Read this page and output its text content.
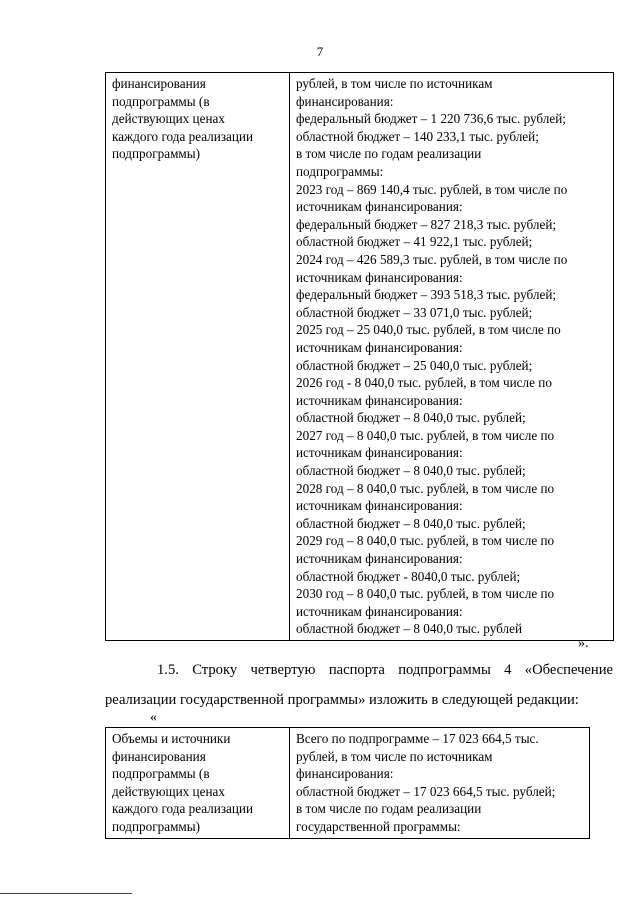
7
финансирования
подпрограммы (в
действующих ценах
каждого года реализации
подпрограммы)

рублей, в том числе по источникам
финансирования:
федеральный бюджет – 1 220 736,6 тыс. рублей;
областной бюджет – 140 233,1 тыс. рублей;
в том числе по годам реализации
подпрограммы:
2023 год – 869 140,4 тыс. рублей, в том числе по
источникам финансирования:
федеральный бюджет – 827 218,3 тыс. рублей;
областной бюджет – 41 922,1 тыс. рублей;
2024 год – 426 589,3 тыс. рублей, в том числе по
источникам финансирования:
федеральный бюджет – 393 518,3 тыс. рублей;
областной бюджет – 33 071,0 тыс. рублей;
2025 год – 25 040,0 тыс. рублей, в том числе по
источникам финансирования:
областной бюджет – 25 040,0 тыс. рублей;
2026 год - 8 040,0 тыс. рублей, в том числе по
источникам финансирования:
областной бюджет – 8 040,0 тыс. рублей;
2027 год – 8 040,0 тыс. рублей, в том числе по
источникам финансирования:
областной бюджет – 8 040,0 тыс. рублей;
2028 год – 8 040,0 тыс. рублей, в том числе по
источникам финансирования:
областной бюджет – 8 040,0 тыс. рублей;
2029 год – 8 040,0 тыс. рублей, в том числе по
источникам финансирования:
областной бюджет - 8040,0 тыс. рублей;
2030 год – 8 040,0 тыс. рублей, в том числе по
источникам финансирования:
областной бюджет – 8 040,0 тыс. рублей
».
1.5. Строку четвертую паспорта подпрограммы 4 «Обеспечение
реализации государственной программы» изложить в следующей редакции:
«
Объемы и источники
финансирования
подпрограммы (в
действующих ценах
каждого года реализации
подпрограммы)

Всего по подпрограмме – 17 023 664,5 тыс.
рублей, в том числе по источникам
финансирования:
областной бюджет – 17 023 664,5 тыс. рублей;
в том числе по годам реализации
государственной программы:
